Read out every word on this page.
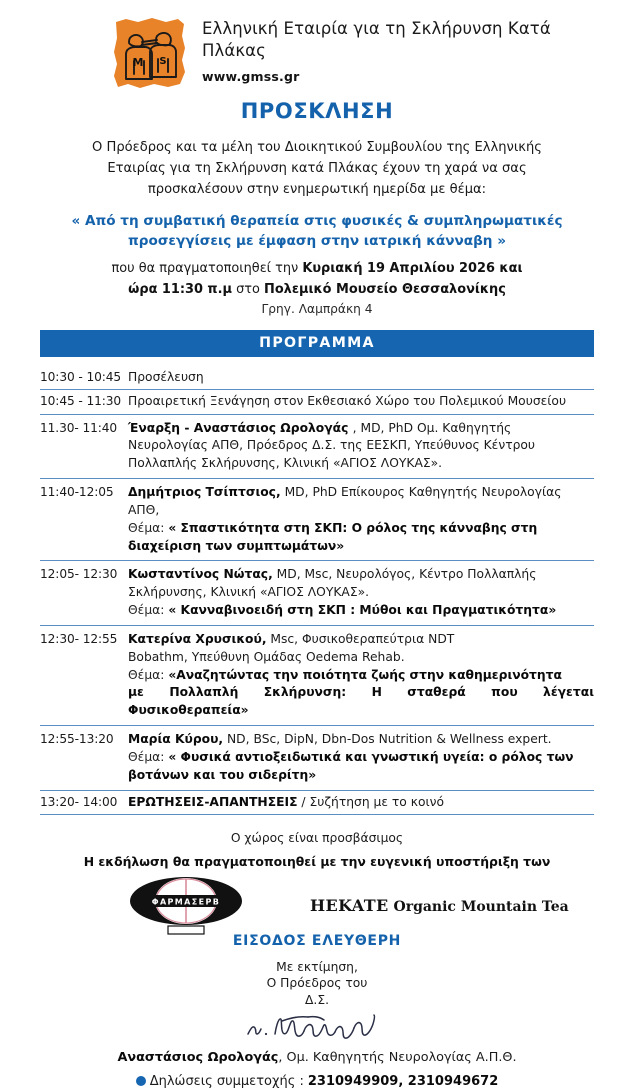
M S
Ελληνική Εταιρία για τη Σκλήρυνση Κατά Πλάκας
www.gmss.gr
ΠΡΟΣΚΛΗΣΗ
Ο Πρόεδρος και τα μέλη του Διοικητικού Συμβουλίου της Ελληνικής Εταιρίας για τη Σκλήρυνση κατά Πλάκας έχουν τη χαρά να σας προσκαλέσουν στην ενημερωτική ημερίδα με θέμα:
« Από τη συμβατική θεραπεία στις φυσικές & συμπληρωματικές προσεγγίσεις με έμφαση στην ιατρική κάνναβη »
που θα πραγματοποιηθεί την Κυριακή 19 Απριλίου 2026 και
ώρα 11:30 π.μ στο Πολεμικό Μουσείο Θεσσαλονίκης
Γρηγ. Λαμπράκη 4
ΠΡΟΓΡΑΜΜΑ
10:30 - 10:45 Προσέλευση
10:45 - 11:30 Προαιρετική Ξενάγηση στον Εκθεσιακό Χώρο του Πολεμικού Μουσείου
11.30- 11:40 Έναρξη - Αναστάσιος Ωρολογάς , MD, PhD Ομ. Καθηγητής
Νευρολογίας ΑΠΘ, Πρόεδρος Δ.Σ. της ΕΕΣΚΠ, Υπεύθυνος Κέντρου
Πολλαπλής Σκλήρυνσης, Κλινική «ΑΓΙΟΣ ΛΟΥΚΑΣ».
11:40-12:05	Δημήτριος Τσίπτσιος, MD, PhD Επίκουρος Καθηγητής Νευρολογίας ΑΠΘ,
Θέμα: « Σπαστικότητα στη ΣΚΠ: Ο ρόλος της κάνναβης στη
διαχείριση των συμπτωμάτων»
12:05- 12:30 Κωσταντίνος Νώτας, MD, Msc, Νευρολόγος, Κέντρο Πολλαπλής
Σκλήρυνσης, Κλινική «ΑΓΙΟΣ ΛΟΥΚΑΣ».
Θέμα: « Κανναβινοειδή στη ΣΚΠ : Μύθοι και Πραγματικότητα»
12:30- 12:55 Κατερίνα Χρυσικού, Msc, Φυσικοθεραπεύτρια NDT
Bobathm, Υπεύθυνη Ομάδας Oedema Rehab.
Θέμα: «Αναζητώντας την ποιότητα ζωής στην καθημερινότητα
με Πολλαπλή Σκλήρυνση: Η σταθερά που λέγεται
Φυσικοθεραπεία»
12:55-13:20	Μαρία Κύρου, ND, BSc, DipN, Dbn-Dos Nutrition & Wellness expert.
Θέμα: « Φυσικά αντιοξειδωτικά και γνωστική υγεία: ο ρόλος των
βοτάνων και του σιδερίτη»
13:20- 14:00 ΕΡΩΤΗΣΕΙΣ-ΑΠΑΝΤΗΣΕΙΣ / Συζήτηση με το κοινό
Ο χώρος είναι προσβάσιμος
Η εκδήλωση θα πραγματοποιηθεί με την ευγενική υποστήριξη των
ΦΑΡΜΑΣΕΡΒ	HEKATE Organic Mountain Tea
ΕΙΣΟΔΟΣ ΕΛΕΥΘΕΡΗ
Με εκτίμηση,
Ο Πρόεδρος του
Δ.Σ.
Αναστάσιος Ωρολογάς, Ομ. Καθηγητής Νευρολογίας Α.Π.Θ.
Δηλώσεις συμμετοχής : 2310949909, 2310949672
